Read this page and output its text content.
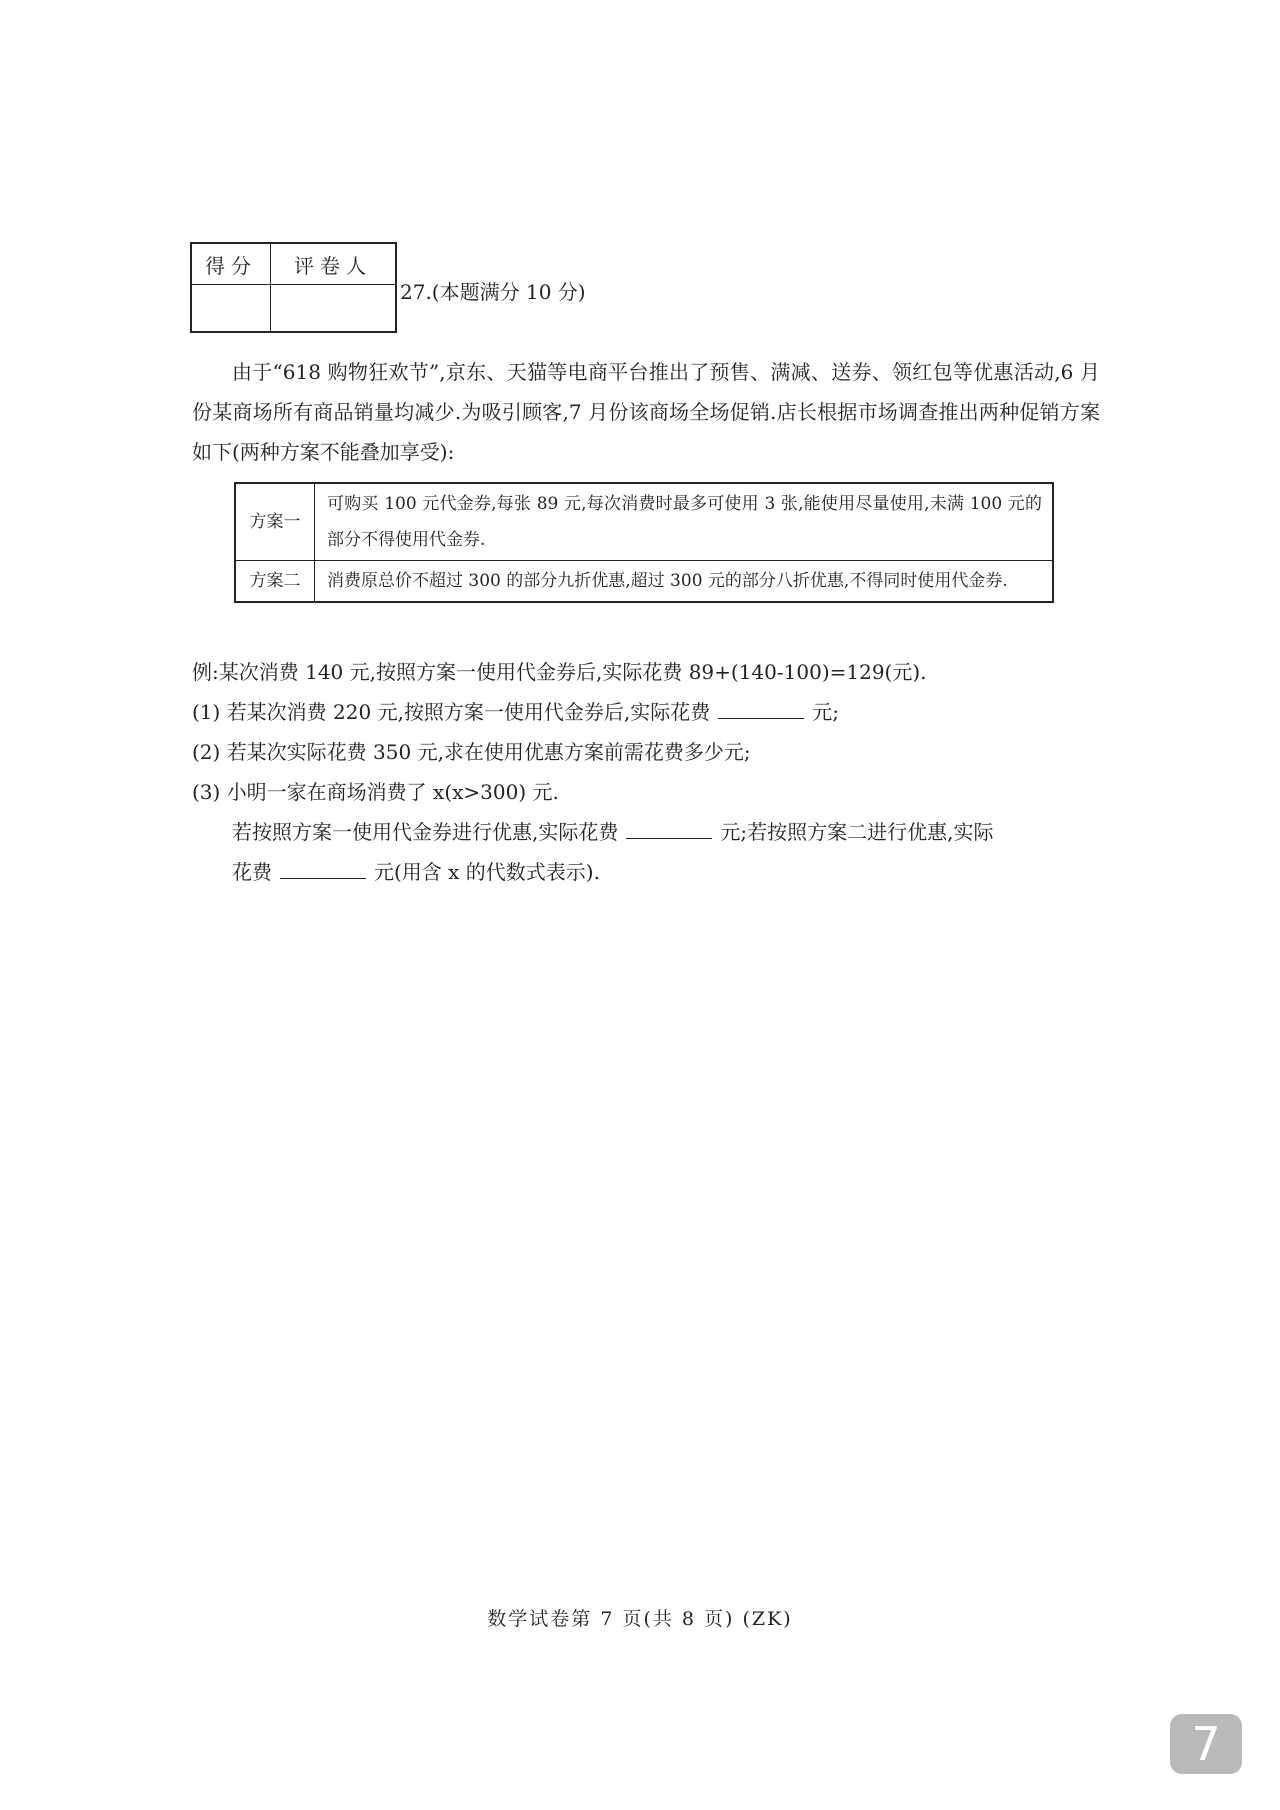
得分	评卷人

27.(本题满分 10 分)

由于“618 购物狂欢节”,京东、天猫等电商平台推出了预售、满减、送券、领红包等优惠活动,6 月份某商场所有商品销量均减少.为吸引顾客,7 月份该商场全场促销.店长根据市场调查推出两种促销方案如下(两种方案不能叠加享受):

方案一	可购买 100 元代金券,每张 89 元,每次消费时最多可使用 3 张,能使用尽量使用,未满 100 元的部分不得使用代金券.
方案二	消费原总价不超过 300 的部分九折优惠,超过 300 元的部分八折优惠,不得同时使用代金券.
例:某次消费 140 元,按照方案一使用代金券后,实际花费 89+(140-100)=129(元).
(1) 若某次消费 220 元,按照方案一使用代金券后,实际花费	元;
(2) 若某次实际花费 350 元,求在使用优惠方案前需花费多少元;
(3) 小明一家在商场消费了 x(x>300) 元.
若按照方案一使用代金券进行优惠,实际花费	元;若按照方案二进行优惠,实际
花费	元(用含 x 的代数式表示).
数学试卷第 7 页(共 8 页) (ZK)
7
